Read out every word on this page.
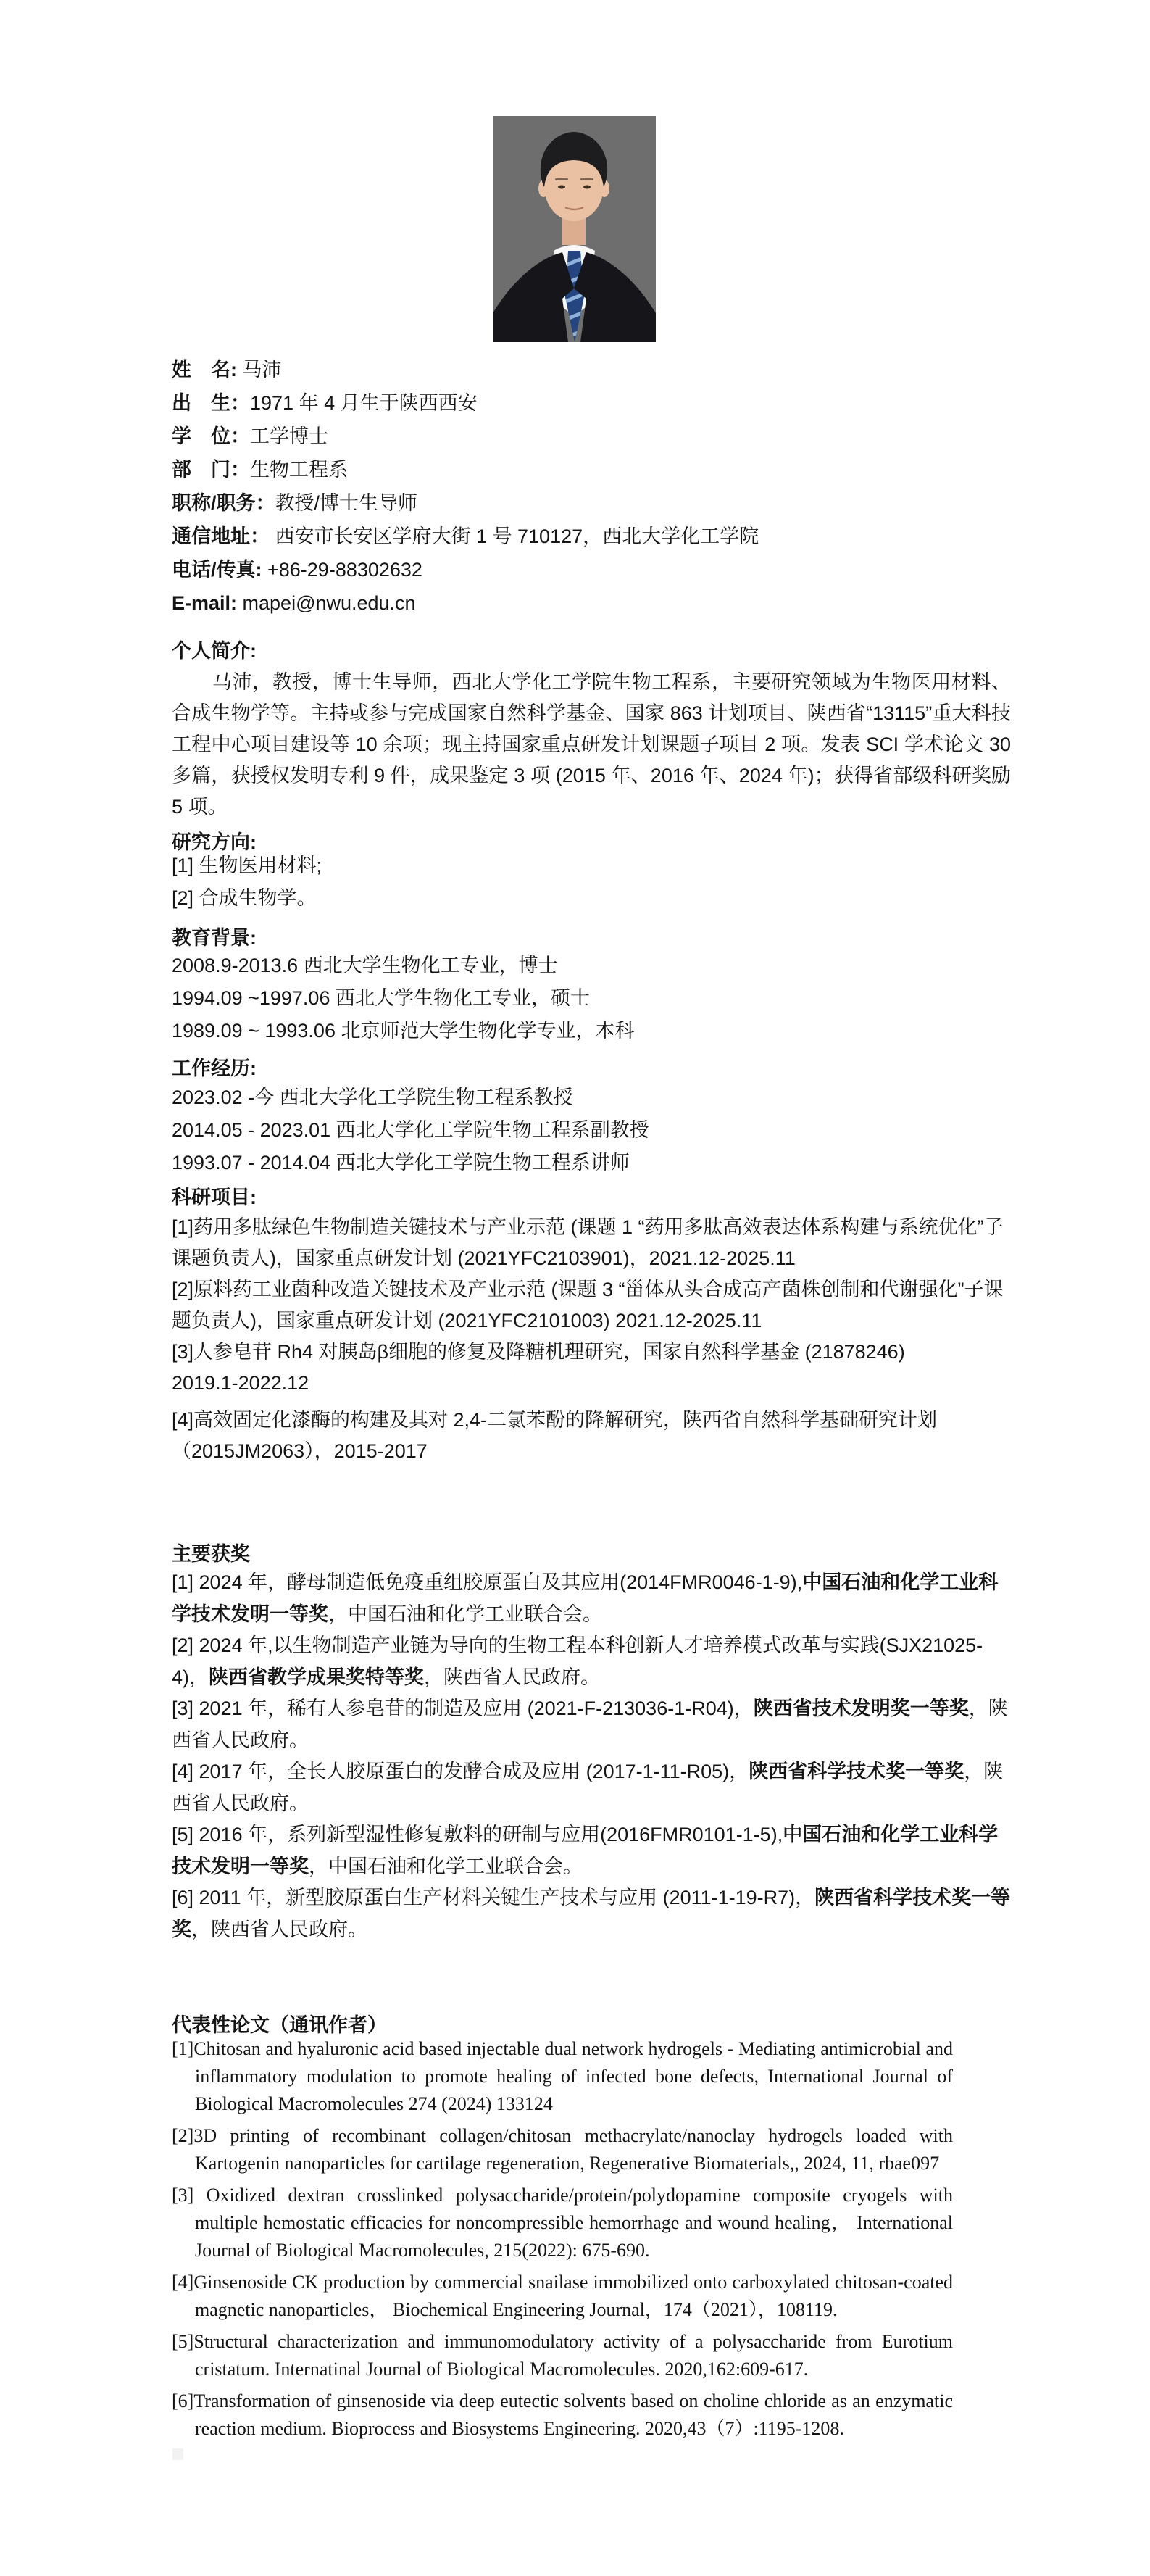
姓　名: 马沛
出　生：1971 年 4 月生于陕西西安
学　位：工学博士
部　门：生物工程系
职称/职务：教授/博士生导师
通信地址： 西安市长安区学府大街 1 号 710127，西北大学化工学院
电话/传真: +86-29-88302632
E-mail: mapei@nwu.edu.cn
个人简介:
马沛，教授，博士生导师，西北大学化工学院生物工程系，主要研究领域为生物医用材料、合成生物学等。主持或参与完成国家自然科学基金、国家 863 计划项目、陕西省“13115”重大科技工程中心项目建设等 10 余项；现主持国家重点研发计划课题子项目 2 项。发表 SCI 学术论文 30 多篇，获授权发明专利 9 件，成果鉴定 3 项 (2015 年、2016 年、2024 年)；获得省部级科研奖励 5 项。
研究方向:
[1] 生物医用材料;
[2] 合成生物学。
教育背景:
2008.9-2013.6 西北大学生物化工专业，博士
1994.09 ~1997.06 西北大学生物化工专业，硕士
1989.09 ~ 1993.06 北京师范大学生物化学专业，本科
工作经历:
2023.02 -今 西北大学化工学院生物工程系教授
2014.05 - 2023.01 西北大学化工学院生物工程系副教授
1993.07 - 2014.04 西北大学化工学院生物工程系讲师
科研项目:

[1]药用多肽绿色生物制造关键技术与产业示范 (课题 1 “药用多肽高效表达体系构建与系统优化”子课题负责人)，国家重点研发计划 (2021YFC2103901)，2021.12-2025.11

[2]原料药工业菌种改造关键技术及产业示范 (课题 3 “甾体从头合成高产菌株创制和代谢强化”子课题负责人)，国家重点研发计划 (2021YFC2101003) 2021.12-2025.11

[3]人参皂苷 Rh4 对胰岛β细胞的修复及降糖机理研究，国家自然科学基金 (21878246)

2019.1-2022.12

[4]高效固定化漆酶的构建及其对 2,4-二氯苯酚的降解研究，陕西省自然科学基础研究计划（2015JM2063），2015-2017

主要获奖

[1] 2024 年，酵母制造低免疫重组胶原蛋白及其应用(2014FMR0046-1-9),中国石油和化学工业科学技术发明一等奖，中国石油和化学工业联合会。

[2] 2024 年,以生物制造产业链为导向的生物工程本科创新人才培养模式改革与实践(SJX21025-4)，陕西省教学成果奖特等奖，陕西省人民政府。

[3] 2021 年，稀有人参皂苷的制造及应用 (2021-F-213036-1-R04)，陕西省技术发明奖一等奖，陕西省人民政府。

[4] 2017 年，全长人胶原蛋白的发酵合成及应用 (2017-1-11-R05)，陕西省科学技术奖一等奖，陕西省人民政府。

[5] 2016 年，系列新型湿性修复敷料的研制与应用(2016FMR0101-1-5),中国石油和化学工业科学技术发明一等奖，中国石油和化学工业联合会。

[6] 2011 年，新型胶原蛋白生产材料关键生产技术与应用 (2011-1-19-R7)，陕西省科学技术奖一等奖，陕西省人民政府。

代表性论文（通讯作者）

[1]Chitosan and hyaluronic acid based injectable dual network hydrogels - Mediating antimicrobial and inflammatory modulation to promote healing of infected bone defects, International Journal of Biological Macromolecules 274 (2024) 133124

[2]3D printing of recombinant collagen/chitosan methacrylate/nanoclay hydrogels loaded with Kartogenin nanoparticles for cartilage regeneration, Regenerative Biomaterials,, 2024, 11, rbae097

[3] Oxidized dextran crosslinked polysaccharide/protein/polydopamine composite cryogels with multiple hemostatic efficacies for noncompressible hemorrhage and wound healing， International Journal of Biological Macromolecules, 215(2022): 675-690.

[4]Ginsenoside CK production by commercial snailase immobilized onto carboxylated chitosan-coated magnetic nanoparticles， Biochemical Engineering Journal，174（2021），108119.

[5]Structural characterization and immunomodulatory activity of a polysaccharide from Eurotium cristatum. Internatinal Journal of Biological Macromolecules. 2020,162:609-617.

[6]Transformation of ginsenoside via deep eutectic solvents based on choline chloride as an enzymatic reaction medium. Bioprocess and Biosystems Engineering. 2020,43（7）:1195-1208.
